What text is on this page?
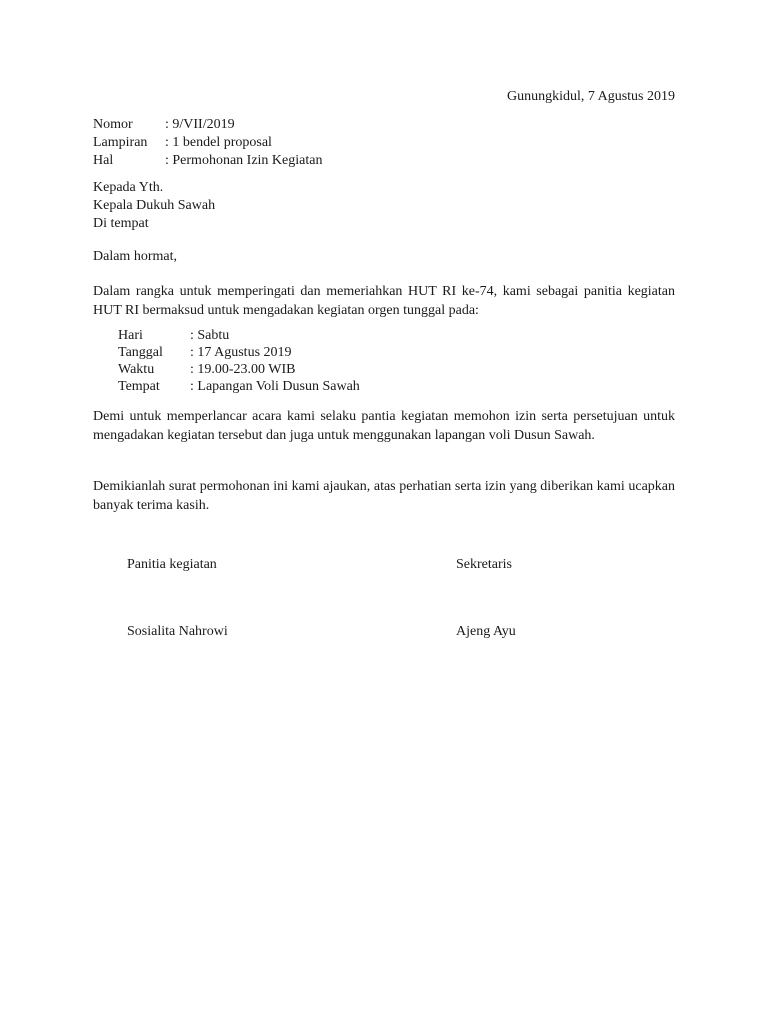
Gunungkidul, 7 Agustus 2019
Nomor	: 9/VII/2019
Lampiran	: 1 bendel proposal
Hal	: Permohonan Izin Kegiatan
Kepada Yth.
Kepala Dukuh Sawah
Di tempat
Dalam hormat,
Dalam rangka untuk memperingati dan memeriahkan HUT RI ke-74, kami sebagai panitia kegiatan HUT RI bermaksud untuk mengadakan kegiatan orgen tunggal pada:
Hari	: Sabtu
Tanggal	: 17 Agustus 2019
Waktu	: 19.00-23.00 WIB
Tempat	: Lapangan Voli Dusun Sawah
Demi untuk memperlancar acara kami selaku pantia kegiatan memohon izin serta persetujuan untuk mengadakan kegiatan tersebut dan juga untuk menggunakan lapangan voli Dusun Sawah.
Demikianlah surat permohonan ini kami ajaukan, atas perhatian serta izin yang diberikan kami ucapkan banyak terima kasih.
Panitia kegiatan	Sekretaris
Sosialita Nahrowi	Ajeng Ayu
